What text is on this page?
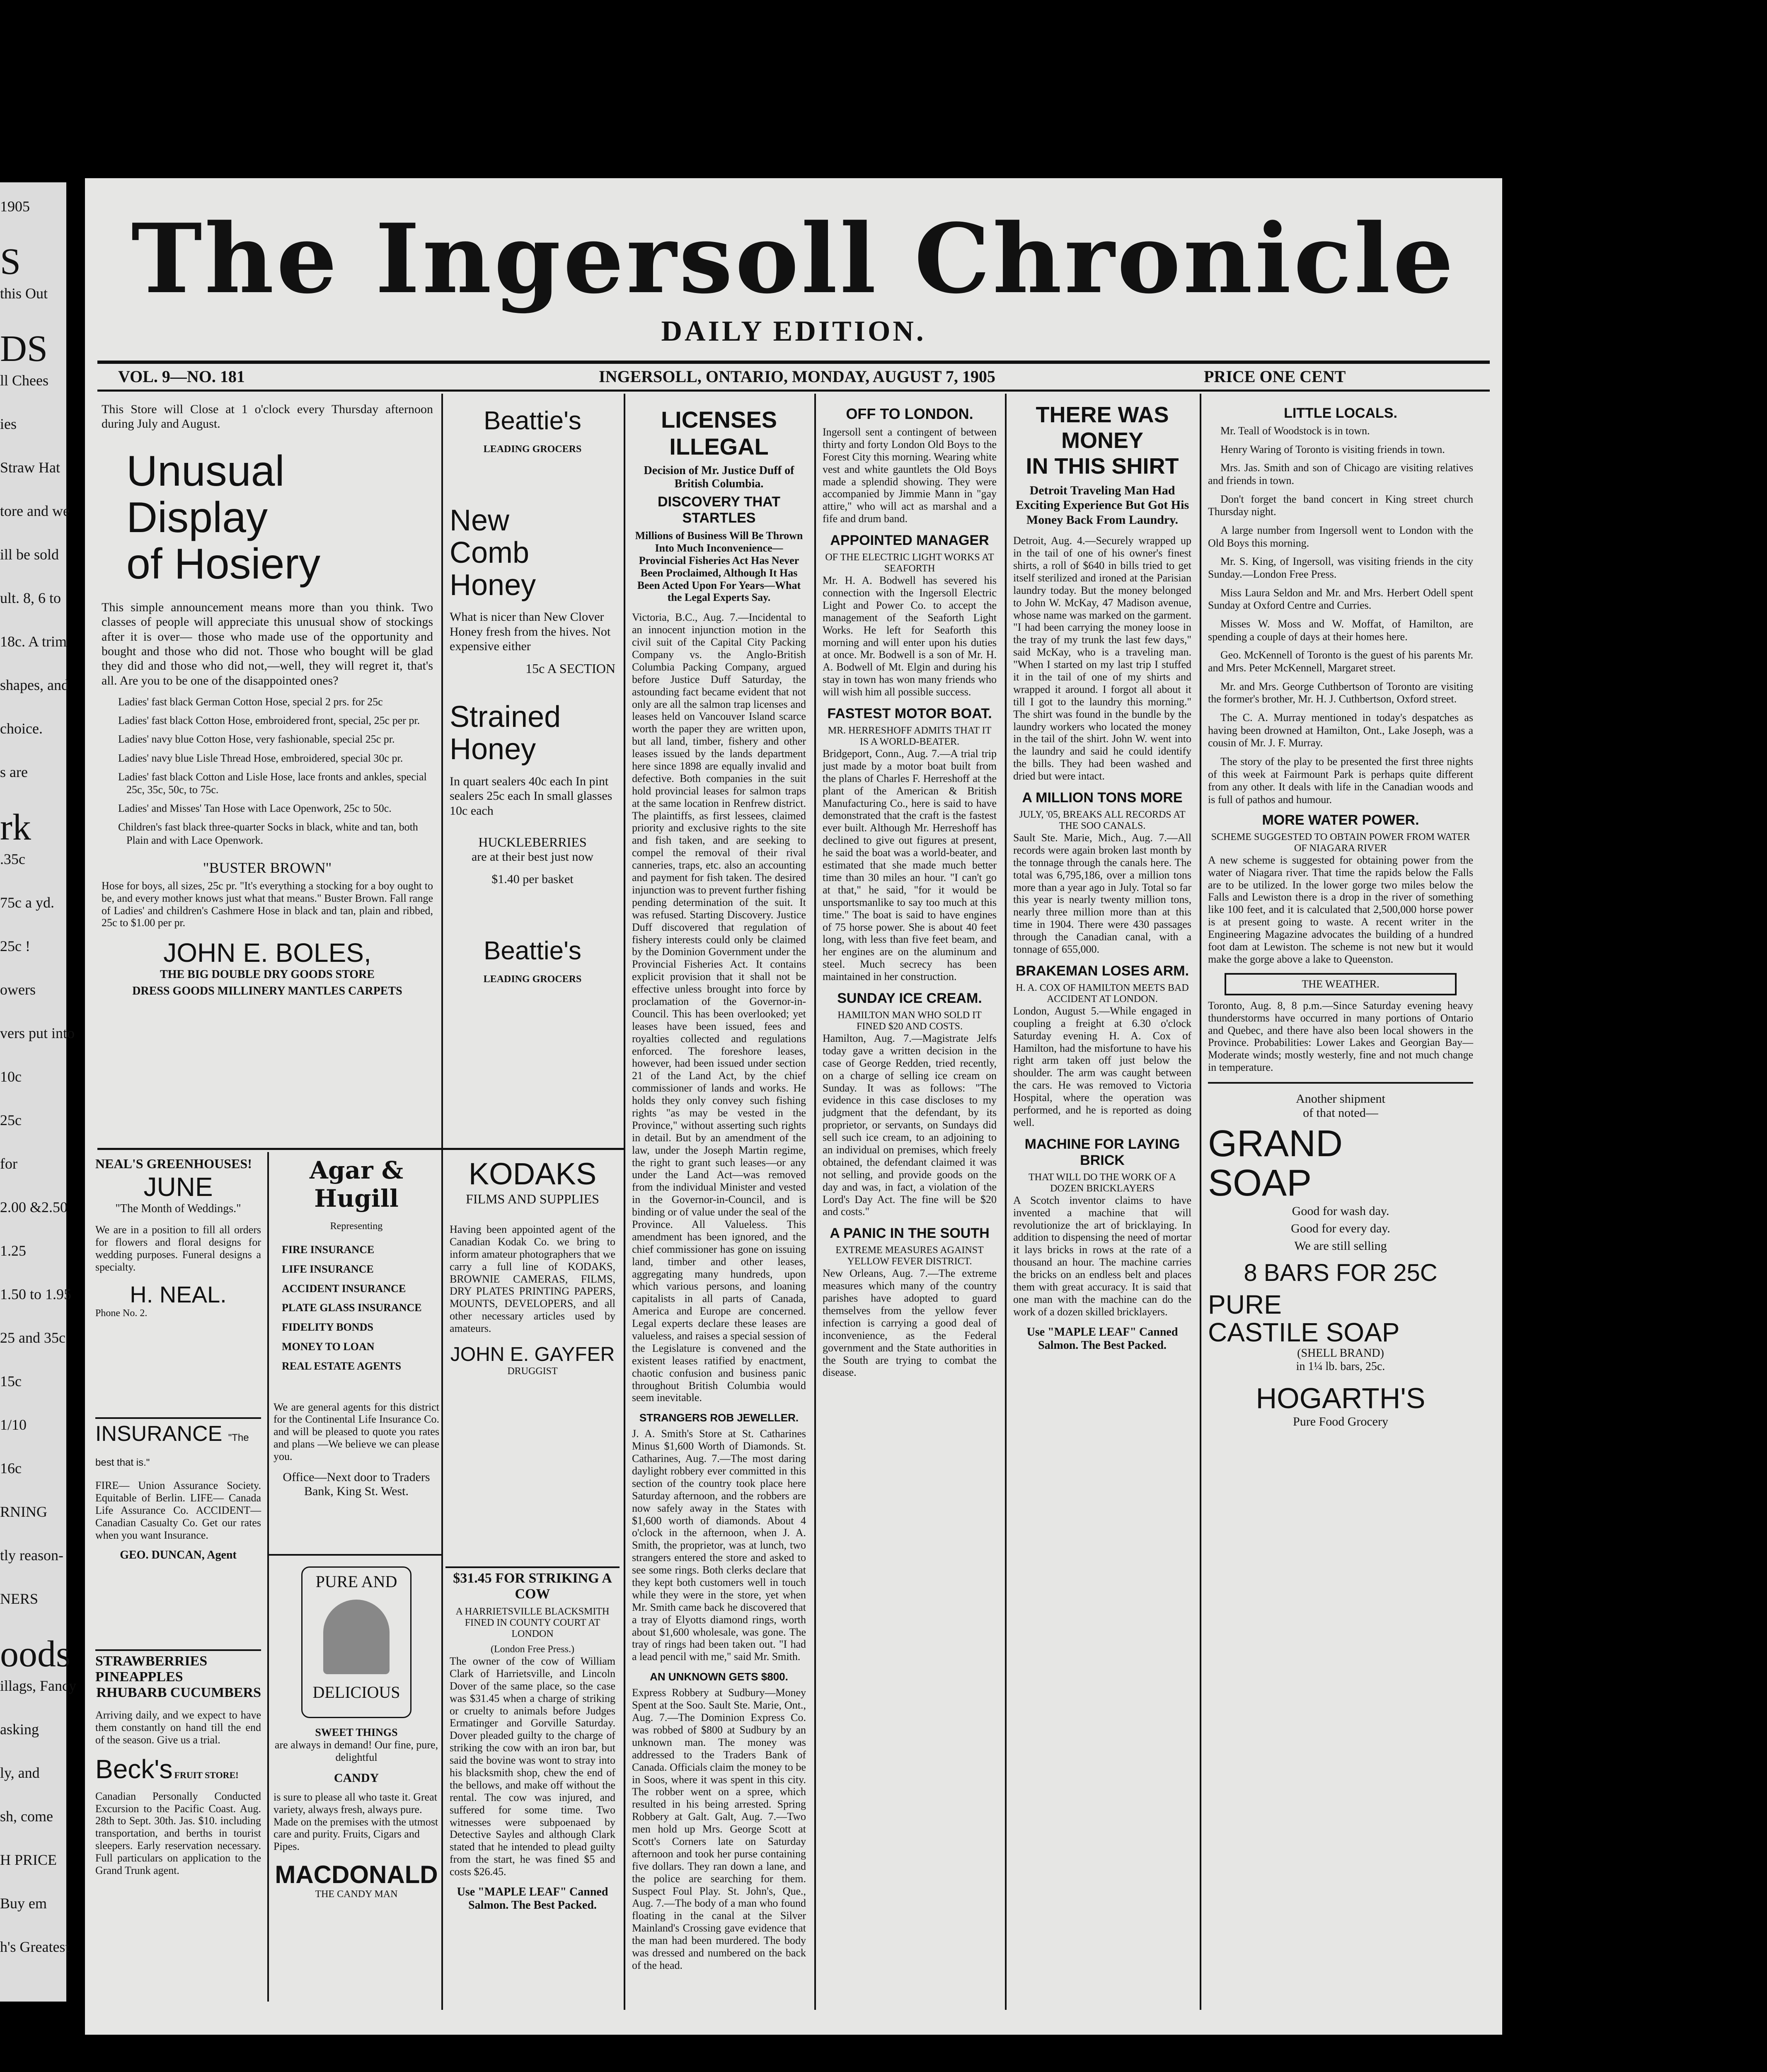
1905
S
this Out
DS
ll Chees
ies
Straw Hat
tore and we
ill be sold
ult. 8, 6 to
18c. A trim
shapes, and
choice.
s are
rk
.35c
75c a yd.
25c !
owers
vers put into
10c
25c
for
2.00 &2.50
1.25
1.50 to 1.95
25 and 35c
15c
1/10
16c
RNING
tly reason-
NERS
oods
illags, Fancy
asking
ly, and
sh, come
H PRICE
Buy em
h's Greatest
The Ingersoll Chronicle
DAILY EDITION.
VOL. 9—NO. 181	INGERSOLL, ONTARIO, MONDAY, AUGUST 7, 1905	PRICE ONE CENT

This Store will Close at 1 o'clock every Thursday afternoon during July and August.

Unusual
Display
of Hosiery

This simple announcement means more than you think. Two classes of people will appreciate this unusual show of stockings after it is over— those who made use of the opportunity and bought and those who did not. Those who bought will be glad they did and those who did not,—well, they will regret it, that's all. Are you to be one of the disappointed ones?

Ladies' fast black German Cotton Hose, special 2 prs. for 25c
Ladies' fast black Cotton Hose, embroidered front, special, 25c per pr.
Ladies' navy blue Cotton Hose, very fashionable, special 25c pr.
Ladies' navy blue Lisle Thread Hose, embroidered, special 30c pr.
Ladies' fast black Cotton and Lisle Hose, lace fronts and ankles, special 25c, 35c, 50c, to 75c.
Ladies' and Misses' Tan Hose with Lace Openwork, 25c to 50c.
Children's fast black three-quarter Socks in black, white and tan, both Plain and with Lace Openwork.
"BUSTER BROWN"

Hose for boys, all sizes, 25c pr. "It's everything a stocking for a boy ought to be, and every mother knows just what that means." Buster Brown. Fall range of Ladies' and children's Cashmere Hose in black and tan, plain and ribbed, 25c to $1.00 per pr.

JOHN E. BOLES,
THE BIG DOUBLE DRY GOODS STORE
DRESS GOODS MILLINERY MANTLES CARPETS
Beattie's
LEADING GROCERS
New
Comb
Honey

What is nicer than New Clover Honey fresh from the hives. Not expensive either

15c A SECTION
Strained
Honey

In quart sealers 40c each In pint sealers 25c each In small glasses 10c each

HUCKLEBERRIES
are at their best just now
$1.40 per basket
Beattie's
LEADING GROCERS
NEAL'S GREENHOUSES!
JUNE
"The Month of Weddings."

We are in a position to fill all orders for flowers and floral designs for wedding purposes. Funeral designs a specialty.

H. NEAL.
Phone No. 2.
INSURANCE "The best that is."

FIRE— Union Assurance Society. Equitable of Berlin. LIFE— Canada Life Assurance Co. ACCIDENT— Canadian Casualty Co. Get our rates when you want Insurance.

GEO. DUNCAN, Agent
STRAWBERRIES PINEAPPLES
RHUBARB CUCUMBERS

Arriving daily, and we expect to have them constantly on hand till the end of the season. Give us a trial.

Beck's FRUIT STORE!

Canadian Personally Conducted Excursion to the Pacific Coast. Aug. 28th to Sept. 30th. Jas. $10. including transportation, and berths in tourist sleepers. Early reservation necessary. Full particulars on application to the Grand Trunk agent.

Agar & Hugill
Representing
FIRE INSURANCE
LIFE INSURANCE
ACCIDENT INSURANCE
PLATE GLASS INSURANCE
FIDELITY BONDS
MONEY TO LOAN
REAL ESTATE AGENTS

We are general agents for this district for the Continental Life Insurance Co. and will be pleased to quote you rates and plans —We believe we can please you.

Office—Next door to Traders Bank, King St. West.
PURE AND
DELICIOUS
SWEET THINGS

are always in demand! Our fine, pure, delightful

CANDY

is sure to please all who taste it. Great variety, always fresh, always pure. Made on the premises with the utmost care and purity. Fruits, Cigars and Pipes.

MACDONALD
THE CANDY MAN
KODAKS
FILMS AND SUPPLIES

Having been appointed agent of the Canadian Kodak Co. we bring to inform amateur photographers that we carry a full line of KODAKS, BROWNIE CAMERAS, FILMS, DRY PLATES PRINTING PAPERS, MOUNTS, DEVELOPERS, and all other necessary articles used by amateurs.

JOHN E. GAYFER
DRUGGIST
$31.45 FOR STRIKING A COW
A HARRIETSVILLE BLACKSMITH FINED IN COUNTY COURT AT LONDON
(London Free Press.)

The owner of the cow of William Clark of Harrietsville, and Lincoln Dover of the same place, so the case was $31.45 when a charge of striking or cruelty to animals before Judges Ermatinger and Gorville Saturday. Dover pleaded guilty to the charge of striking the cow with an iron bar, but said the bovine was wont to stray into his blacksmith shop, chew the end of the bellows, and make off without the rental. The cow was injured, and suffered for some time. Two witnesses were subpoenaed by Detective Sayles and although Clark stated that he intended to plead guilty from the start, he was fined $5 and costs $26.45.

Use "MAPLE LEAF" Canned Salmon. The Best Packed.
LICENSES ILLEGAL
Decision of Mr. Justice Duff of British Columbia.
DISCOVERY THAT STARTLES

Millions of Business Will Be Thrown Into Much Inconvenience—Provincial Fisheries Act Has Never Been Proclaimed, Although It Has Been Acted Upon For Years—What the Legal Experts Say.

Victoria, B.C., Aug. 7.—Incidental to an innocent injunction motion in the civil suit of the Capital City Packing Company vs. the Anglo-British Columbia Packing Company, argued before Justice Duff Saturday, the astounding fact became evident that not only are all the salmon trap licenses and leases held on Vancouver Island scarce worth the paper they are written upon, but all land, timber, fishery and other leases issued by the lands department here since 1898 are equally invalid and defective. Both companies in the suit hold provincial leases for salmon traps at the same location in Renfrew district. The plaintiffs, as first lessees, claimed priority and exclusive rights to the site and fish taken, and are seeking to compel the removal of their rival canneries, traps, etc. also an accounting and payment for fish taken. The desired injunction was to prevent further fishing pending determination of the suit. It was refused. Starting Discovery. Justice Duff discovered that regulation of fishery interests could only be claimed by the Dominion Government under the Provincial Fisheries Act. It contains explicit provision that it shall not be effective unless brought into force by proclamation of the Governor-in-Council. This has been overlooked; yet leases have been issued, fees and royalties collected and regulations enforced. The foreshore leases, however, had been issued under section 21 of the Land Act, by the chief commissioner of lands and works. He holds they only convey such fishing rights "as may be vested in the Province," without asserting such rights in detail. But by an amendment of the law, under the Joseph Martin regime, the right to grant such leases—or any under the Land Act—was removed from the individual Minister and vested in the Governor-in-Council, and is binding or of value under the seal of the Province. All Valueless. This amendment has been ignored, and the chief commissioner has gone on issuing land, timber and other leases, aggregating many hundreds, upon which various persons, and loaning capitalists in all parts of Canada, America and Europe are concerned. Legal experts declare these leases are valueless, and raises a special session of the Legislature is convened and the existent leases ratified by enactment, chaotic confusion and business panic throughout British Columbia would seem inevitable.

STRANGERS ROB JEWELLER.

J. A. Smith's Store at St. Catharines Minus $1,600 Worth of Diamonds. St. Catharines, Aug. 7.—The most daring daylight robbery ever committed in this section of the country took place here Saturday afternoon, and the robbers are now safely away in the States with $1,600 worth of diamonds. About 4 o'clock in the afternoon, when J. A. Smith, the proprietor, was at lunch, two strangers entered the store and asked to see some rings. Both clerks declare that they kept both customers well in touch while they were in the store, yet when Mr. Smith came back he discovered that a tray of Elyotts diamond rings, worth about $1,600 wholesale, was gone. The tray of rings had been taken out. "I had a lead pencil with me," said Mr. Smith.

AN UNKNOWN GETS $800.

Express Robbery at Sudbury—Money Spent at the Soo. Sault Ste. Marie, Ont., Aug. 7.—The Dominion Express Co. was robbed of $800 at Sudbury by an unknown man. The money was addressed to the Traders Bank of Canada. Officials claim the money to be in Soos, where it was spent in this city. The robber went on a spree, which resulted in his being arrested. Spring Robbery at Galt. Galt, Aug. 7.—Two men hold up Mrs. George Scott at Scott's Corners late on Saturday afternoon and took her purse containing five dollars. They ran down a lane, and the police are searching for them. Suspect Foul Play. St. John's, Que., Aug. 7.—The body of a man who found floating in the canal at the Silver Mainland's Crossing gave evidence that the man had been murdered. The body was dressed and numbered on the back of the head.

OFF TO LONDON.

Ingersoll sent a contingent of between thirty and forty London Old Boys to the Forest City this morning. Wearing white vest and white gauntlets the Old Boys made a splendid showing. They were accompanied by Jimmie Mann in "gay attire," who will act as marshal and a fife and drum band.

APPOINTED MANAGER
OF THE ELECTRIC LIGHT WORKS AT SEAFORTH

Mr. H. A. Bodwell has severed his connection with the Ingersoll Electric Light and Power Co. to accept the management of the Seaforth Light Works. He left for Seaforth this morning and will enter upon his duties at once. Mr. Bodwell is a son of Mr. H. A. Bodwell of Mt. Elgin and during his stay in town has won many friends who will wish him all possible success.

FASTEST MOTOR BOAT.
MR. HERRESHOFF ADMITS THAT IT IS A WORLD-BEATER.

Bridgeport, Conn., Aug. 7.—A trial trip just made by a motor boat built from the plans of Charles F. Herreshoff at the plant of the American & British Manufacturing Co., here is said to have demonstrated that the craft is the fastest ever built. Although Mr. Herreshoff has declined to give out figures at present, he said the boat was a world-beater, and estimated that she made much better time than 30 miles an hour. "I can't go at that," he said, "for it would be unsportsmanlike to say too much at this time." The boat is said to have engines of 75 horse power. She is about 40 feet long, with less than five feet beam, and her engines are on the aluminum and steel. Much secrecy has been maintained in her construction.

SUNDAY ICE CREAM.
HAMILTON MAN WHO SOLD IT FINED $20 AND COSTS.

Hamilton, Aug. 7.—Magistrate Jelfs today gave a written decision in the case of George Redden, tried recently, on a charge of selling ice cream on Sunday. It was as follows: "The evidence in this case discloses to my judgment that the defendant, by its proprietor, or servants, on Sundays did sell such ice cream, to an adjoining to an individual on premises, which freely obtained, the defendant claimed it was not selling, and provide goods on the day and was, in fact, a violation of the Lord's Day Act. The fine will be $20 and costs."

A PANIC IN THE SOUTH
EXTREME MEASURES AGAINST YELLOW FEVER DISTRICT.

New Orleans, Aug. 7.—The extreme measures which many of the country parishes have adopted to guard themselves from the yellow fever infection is carrying a good deal of inconvenience, as the Federal government and the State authorities in the South are trying to combat the disease.

THERE WAS MONEY
IN THIS SHIRT

Detroit Traveling Man Had Exciting Experience But Got His Money Back From Laundry.

Detroit, Aug. 4.—Securely wrapped up in the tail of one of his owner's finest shirts, a roll of $640 in bills tried to get itself sterilized and ironed at the Parisian laundry today. But the money belonged to John W. McKay, 47 Madison avenue, whose name was marked on the garment. "I had been carrying the money loose in the tray of my trunk the last few days," said McKay, who is a traveling man. "When I started on my last trip I stuffed it in the tail of one of my shirts and wrapped it around. I forgot all about it till I got to the laundry this morning." The shirt was found in the bundle by the laundry workers who located the money in the tail of the shirt. John W. went into the laundry and said he could identify the bills. They had been washed and dried but were intact.

A MILLION TONS MORE
JULY, '05, BREAKS ALL RECORDS AT THE SOO CANALS.

Sault Ste. Marie, Mich., Aug. 7.—All records were again broken last month by the tonnage through the canals here. The total was 6,795,186, over a million tons more than a year ago in July. Total so far this year is nearly twenty million tons, nearly three million more than at this time in 1904. There were 430 passages through the Canadian canal, with a tonnage of 655,000.

BRAKEMAN LOSES ARM.
H. A. COX OF HAMILTON MEETS BAD ACCIDENT AT LONDON.

London, August 5.—While engaged in coupling a freight at 6.30 o'clock Saturday evening H. A. Cox of Hamilton, had the misfortune to have his right arm taken off just below the shoulder. The arm was caught between the cars. He was removed to Victoria Hospital, where the operation was performed, and he is reported as doing well.

MACHINE FOR LAYING BRICK
THAT WILL DO THE WORK OF A DOZEN BRICKLAYERS

A Scotch inventor claims to have invented a machine that will revolutionize the art of bricklaying. In addition to dispensing the need of mortar it lays bricks in rows at the rate of a thousand an hour. The machine carries the bricks on an endless belt and places them with great accuracy. It is said that one man with the machine can do the work of a dozen skilled bricklayers.

Use "MAPLE LEAF" Canned Salmon. The Best Packed.
LITTLE LOCALS.
Mr. Teall of Woodstock is in town.
Henry Waring of Toronto is visiting friends in town.
Mrs. Jas. Smith and son of Chicago are visiting relatives and friends in town.
Don't forget the band concert in King street church Thursday night.
A large number from Ingersoll went to London with the Old Boys this morning.
Mr. S. King, of Ingersoll, was visiting friends in the city Sunday.—London Free Press.
Miss Laura Seldon and Mr. and Mrs. Herbert Odell spent Sunday at Oxford Centre and Curries.
Misses W. Moss and W. Moffat, of Hamilton, are spending a couple of days at their homes here.
Geo. McKennell of Toronto is the guest of his parents Mr. and Mrs. Peter McKennell, Margaret street.
Mr. and Mrs. George Cuthbertson of Toronto are visiting the former's brother, Mr. H. J. Cuthbertson, Oxford street.
The C. A. Murray mentioned in today's despatches as having been drowned at Hamilton, Ont., Lake Joseph, was a cousin of Mr. J. F. Murray.
The story of the play to be presented the first three nights of this week at Fairmount Park is perhaps quite different from any other. It deals with life in the Canadian woods and is full of pathos and humour.
MORE WATER POWER.
SCHEME SUGGESTED TO OBTAIN POWER FROM WATER OF NIAGARA RIVER

A new scheme is suggested for obtaining power from the water of Niagara river. That time the rapids below the Falls are to be utilized. In the lower gorge two miles below the Falls and Lewiston there is a drop in the river of something like 100 feet, and it is calculated that 2,500,000 horse power is at present going to waste. A recent writer in the Engineering Magazine advocates the building of a hundred foot dam at Lewiston. The scheme is not new but it would make the gorge above a lake to Queenston.

THE WEATHER.

Toronto, Aug. 8, 8 p.m.—Since Saturday evening heavy thunderstorms have occurred in many portions of Ontario and Quebec, and there have also been local showers in the Province. Probabilities: Lower Lakes and Georgian Bay—Moderate winds; mostly westerly, fine and not much change in temperature.

Another shipment
of that noted—
GRAND
SOAP
Good for wash day.
Good for every day.
We are still selling
8 BARS FOR 25C
PURE
CASTILE SOAP
(SHELL BRAND)
in 1¼ lb. bars, 25c.
HOGARTH'S
Pure Food Grocery
